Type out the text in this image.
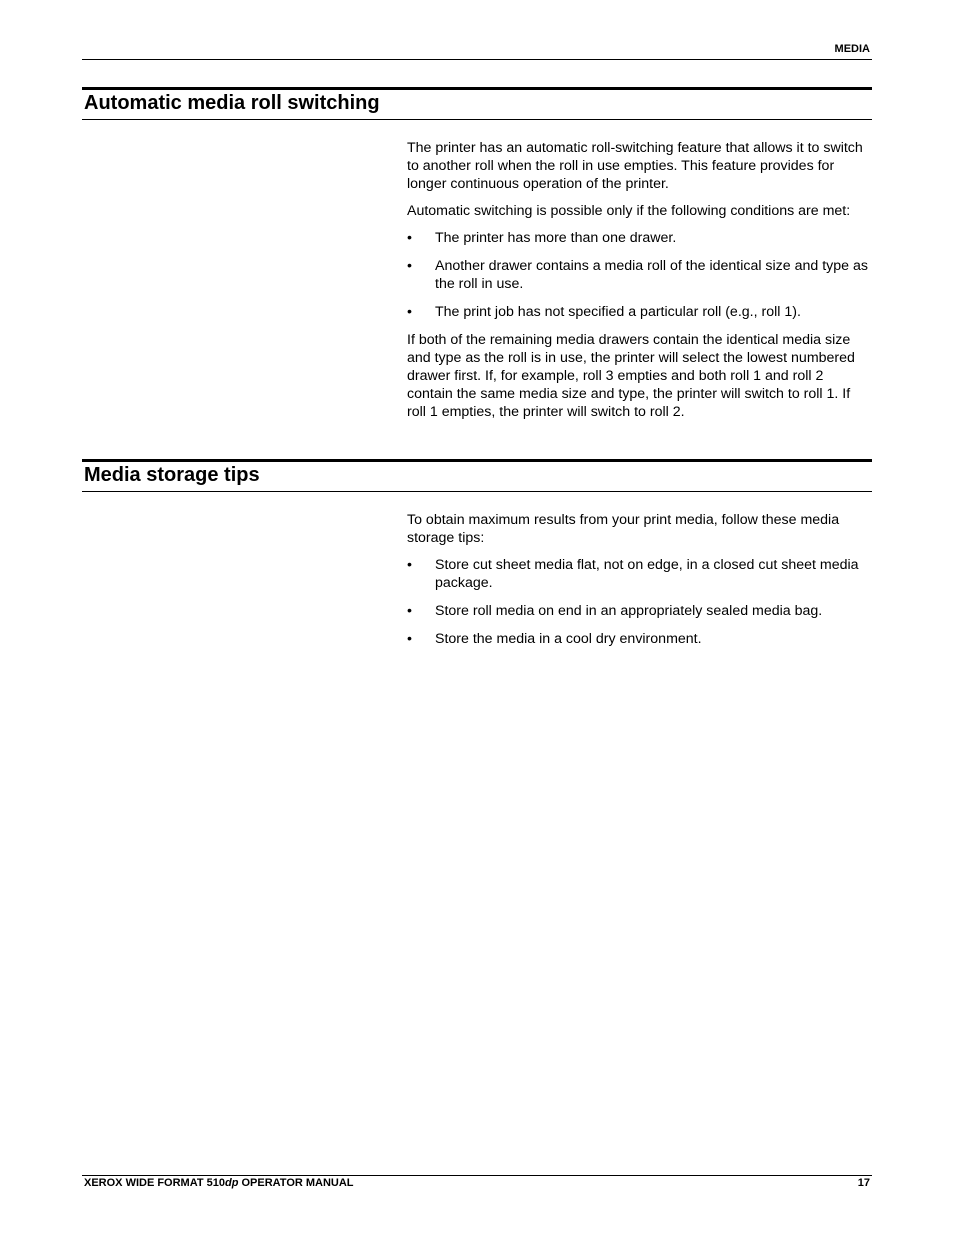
MEDIA
Automatic media roll switching

The printer has an automatic roll-switching feature that allows it to switch to another roll when the roll in use empties. This feature provides for longer continuous operation of the printer.

Automatic switching is possible only if the following conditions are met:

• The printer has more than one drawer.
• Another drawer contains a media roll of the identical size and type as the roll in use.
• The print job has not specified a particular roll (e.g., roll 1).

If both of the remaining media drawers contain the identical media size and type as the roll is in use, the printer will select the lowest numbered drawer first. If, for example, roll 3 empties and both roll 1 and roll 2 contain the same media size and type, the printer will switch to roll 1. If roll 1 empties, the printer will switch to roll 2.

Media storage tips

To obtain maximum results from your print media, follow these media storage tips:

• Store cut sheet media flat, not on edge, in a closed cut sheet media package.
• Store roll media on end in an appropriately sealed media bag.
• Store the media in a cool dry environment.
XEROX WIDE FORMAT 510dp OPERATOR MANUAL	17
